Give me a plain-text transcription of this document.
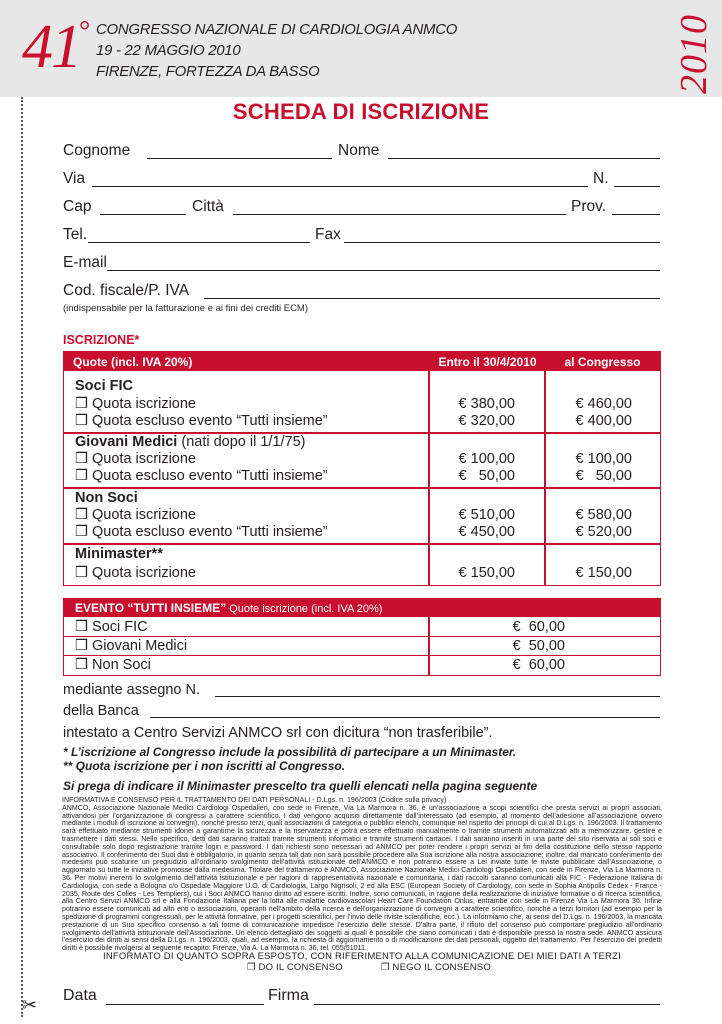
41 ° CONGRESSO NAZIONALE DI CARDIOLOGIA ANMCO
19 - 22 MAGGIO 2010
FIRENZE, FORTEZZA DA BASSO	2010
✂
SCHEDA DI ISCRIZIONE
Cognome	Nome
Via	N.
Cap	Città	Prov.
Tel.	Fax
E-mail
Cod. fiscale/P. IVA
(indispensabile per la fatturazione e ai fini dei crediti ECM)
ISCRIZIONE*
Quote (incl. IVA 20%)	Entro il 30/4/2010	al Congresso
Soci FIC
❒ Quota iscrizione	€ 380,00	€ 460,00
❒ Quota escluso evento “Tutti insieme”	€ 320,00	€ 400,00
Giovani Medici (nati dopo il 1/1/75)
❒ Quota iscrizione	€ 100,00	€ 100,00
❒ Quota escluso evento “Tutti insieme”	€   50,00	€   50,00
Non Soci
❒ Quota iscrizione	€ 510,00	€ 580,00
❒ Quota escluso evento “Tutti insieme”	€ 450,00	€ 520,00
Minimaster**
❒ Quota iscrizione	€ 150,00	€ 150,00
EVENTO “TUTTI INSIEME” Quote iscrizione (incl. IVA 20%)
❒ Soci FIC	€  60,00
❒ Giovani Medici	€  50,00
❒ Non Soci	€  60,00
mediante assegno N.
della Banca
intestato a Centro Servizi ANMCO srl con dicitura “non trasferibile”.
* L’iscrizione al Congresso include la possibilità di partecipare a un Minimaster.
** Quota iscrizione per i non iscritti al Congresso.
Si prega di indicare il Minimaster prescelto tra quelli elencati nella pagina seguente
INFORMATIVA E CONSENSO PER IL TRATTAMENTO DEI DATI PERSONALI - D.Lgs. n. 196/2003 (Codice sulla privacy)
ANMCO, Associazione Nazionale Medici Cardiologi Ospedalieri, con sede in Firenze, Via La Marmora n. 36, è un’associazione a scopi scientifici che presta servizi ai propri associati, attivandosi per l’organizzazione di congressi a carattere scientifico. I dati vengono acquisiti direttamente dall’interessato (ad esempio, al momento dell’adesione all’associazione ovvero mediante i moduli di iscrizione ai convegni), nonché presso terzi, quali associazioni di categoria o pubblici elenchi, comunque nel rispetto dei principi di cui al D.Lgs. n. 196/2003. Il trattamento sarà effettuato mediante strumenti idonei a garantirne la sicurezza e la riservatezza e potrà essere effettuato manualmente o tramite strumenti automatizzati atti a memorizzare, gestire e trasmettere i dati stessi. Nello specifico, detti dati saranno trattati tramite strumenti informatici e tramite strumenti cartacei. I dati saranno inseriti in una parte del sito riservata ai soli soci e consultabile solo dopo registrazione tramite login e password. I dati richiesti sono necessari ad ANMCO per poter rendere i propri servizi ai fini della costituzione dello stesso rapporto associativo. Il conferimento dei Suoi dati è obbligatorio, in quanto senza tali dati non sarà possibile procedere alla Sua iscrizione alla nostra associazione; inoltre, dal mancato conferimento dei medesimi può scaturire un pregiudizio all’ordinario svolgimento dell’attività istituzionale dell’ANMCO e non potranno essere a Lei inviate tutte le riviste pubblicate dall’Associazione, o aggiornato su tutte le iniziative promosse dalla medesima. Titolare del trattamento è ANMCO, Associazione Nazionale Medici Cardiologi Ospedalieri, con sede in Firenze, Via La Marmora n. 36. Per motivi inerenti lo svolgimento dell’attività istituzionale e per ragioni di rappresentatività nazionale e comunitaria, i dati raccolti saranno comunicati alla FIC - Federazione Italiana di Cardiologia, con sede a Bologna c/o Ospedale Maggiore U.O. di Cardiologia, Largo Nigrisoli, 2 ed alla ESC (European Society of Cardiology, con sede in Sophia Antipolis Cedex - France - 2035, Route des Colles - Les Templiers), cui i Soci ANMCO hanno diritto ad essere iscritti. Inoltre, sono comunicati, in ragione della realizzazione di iniziative formative o di ricerca scientifica, alla Centro Servizi ANMCO srl e alla Fondazione Italiana per la lotta alle malattie cardiovascolari Heart Care Foundation Onlus, entrambe con sede in Firenze Via La Marmora 36. Infine potranno essere comunicati ad altri enti o associazioni, operanti nell’ambito della ricerca e dell’organizzazione di convegni a carattere scientifico, nonché a terzi fornitori (ad esempio per la spedizione di programmi congressuali, per le attività formative, per i progetti scientifici, per l’invio delle riviste scientifiche, ecc.). La informiamo che, ai sensi del D.Lgs. n. 196/2003, la mancata prestazione di un Suo specifico consenso a tali forme di comunicazione impedisce l’esercizio delle stesse. D’altra parte, il rifiuto del consenso può comportare pregiudizio all’ordinario svolgimento dell’attività istituzionale dell’Associazione. Un elenco dettagliato dei soggetti ai quali è possibile che siano comunicati i dati è disponibile presso la nostra sede. ANMCO assicura l’esercizio dei diritti ai sensi della D.Lgs. n. 196/2003, quali, ad esempio, la richiesta di aggiornamento o di modificazione dei dati personali, oggetto del trattamento. Per l’esercizio dei predetti diritti è possibile rivolgersi al seguente recapito: Firenze, Via A. La Marmora n. 36, tel. 055/51011.
INFORMATO DI QUANTO SOPRA ESPOSTO, CON RIFERIMENTO ALLA COMUNICAZIONE DEI MIEI DATI A TERZI
❒ DO IL CONSENSO	❒ NEGO IL CONSENSO
Data	Firma
